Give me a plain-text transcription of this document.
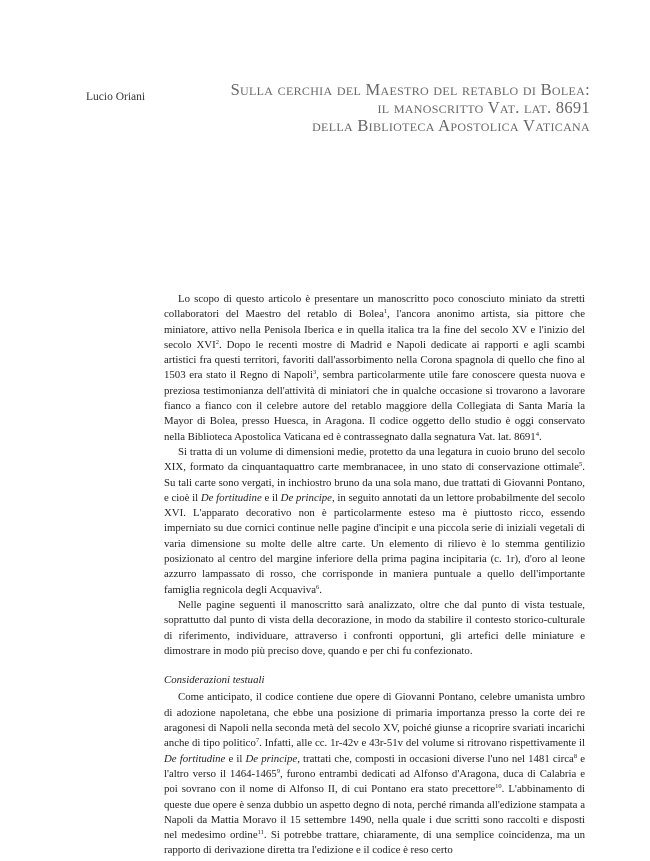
Lucio Oriani	Sulla cerchia del Maestro del retablo di Bolea:
il manoscritto Vat. lat. 8691
della Biblioteca Apostolica Vaticana

Lo scopo di questo articolo è presentare un manoscritto poco conosciuto miniato da stretti collaboratori del Maestro del retablo di Bolea$^1$, l'ancora anonimo artista, sia pittore che miniatore, attivo nella Penisola Iberica e in quella italica tra la fine del secolo XV e l'inizio del secolo XVI$^2$. Dopo le recenti mostre di Madrid e Napoli dedicate ai rapporti e agli scambi artistici fra questi territori, favoriti dall'assorbimento nella Corona spagnola di quello che fino al 1503 era stato il Regno di Napoli$^3$, sembra particolarmente utile fare conoscere questa nuova e preziosa testimonianza dell'attività di miniatori che in qualche occasione si trovarono a lavorare fianco a fianco con il celebre autore del retablo maggiore della Collegiata di Santa María la Mayor di Bolea, presso Huesca, in Aragona. Il codice oggetto dello studio è oggi conservato nella Biblioteca Apostolica Vaticana ed è contrassegnato dalla segnatura Vat. lat. 8691$^4$.

Si tratta di un volume di dimensioni medie, protetto da una legatura in cuoio bruno del secolo XIX, formato da cinquantaquattro carte membranacee, in uno stato di conservazione ottimale$^5$. Su tali carte sono vergati, in inchiostro bruno da una sola mano, due trattati di Giovanni Pontano, e cioè il De fortitudine e il De principe, in seguito annotati da un lettore probabilmente del secolo XVI. L'apparato decorativo non è particolarmente esteso ma è piuttosto ricco, essendo imperniato su due cornici continue nelle pagine d'incipit e una piccola serie di iniziali vegetali di varia dimensione su molte delle altre carte. Un elemento di rilievo è lo stemma gentilizio posizionato al centro del margine inferiore della prima pagina incipitaria (c. 1r), d'oro al leone azzurro lampassato di rosso, che corrisponde in maniera puntuale a quello dell'importante famiglia regnicola degli Acquaviva$^6$.

Nelle pagine seguenti il manoscritto sarà analizzato, oltre che dal punto di vista testuale, soprattutto dal punto di vista della decorazione, in modo da stabilire il contesto storico-culturale di riferimento, individuare, attraverso i confronti opportuni, gli artefici delle miniature e dimostrare in modo più preciso dove, quando e per chi fu confezionato.

Considerazioni testuali

Come anticipato, il codice contiene due opere di Giovanni Pontano, celebre umanista umbro di adozione napoletana, che ebbe una posizione di primaria importanza presso la corte dei re aragonesi di Napoli nella seconda metà del secolo XV, poiché giunse a ricoprire svariati incarichi anche di tipo politico$^7$. Infatti, alle cc. 1r-42v e 43r-51v del volume si ritrovano rispettivamente il De fortitudine e il De principe, trattati che, composti in occasioni diverse l'uno nel 1481 circa$^8$ e l'altro verso il 1464-1465$^9$, furono entrambi dedicati ad Alfonso d'Aragona, duca di Calabria e poi sovrano con il nome di Alfonso II, di cui Pontano era stato precettore$^{10}$. L'abbinamento di queste due opere è senza dubbio un aspetto degno di nota, perché rimanda all'edizione stampata a Napoli da Mattia Moravo il 15 settembre 1490, nella quale i due scritti sono raccolti e disposti nel medesimo ordine$^{11}$. Si potrebbe trattare, chiaramente, di una semplice coincidenza, ma un rapporto di derivazione diretta tra l'edizione e il codice è reso certo
